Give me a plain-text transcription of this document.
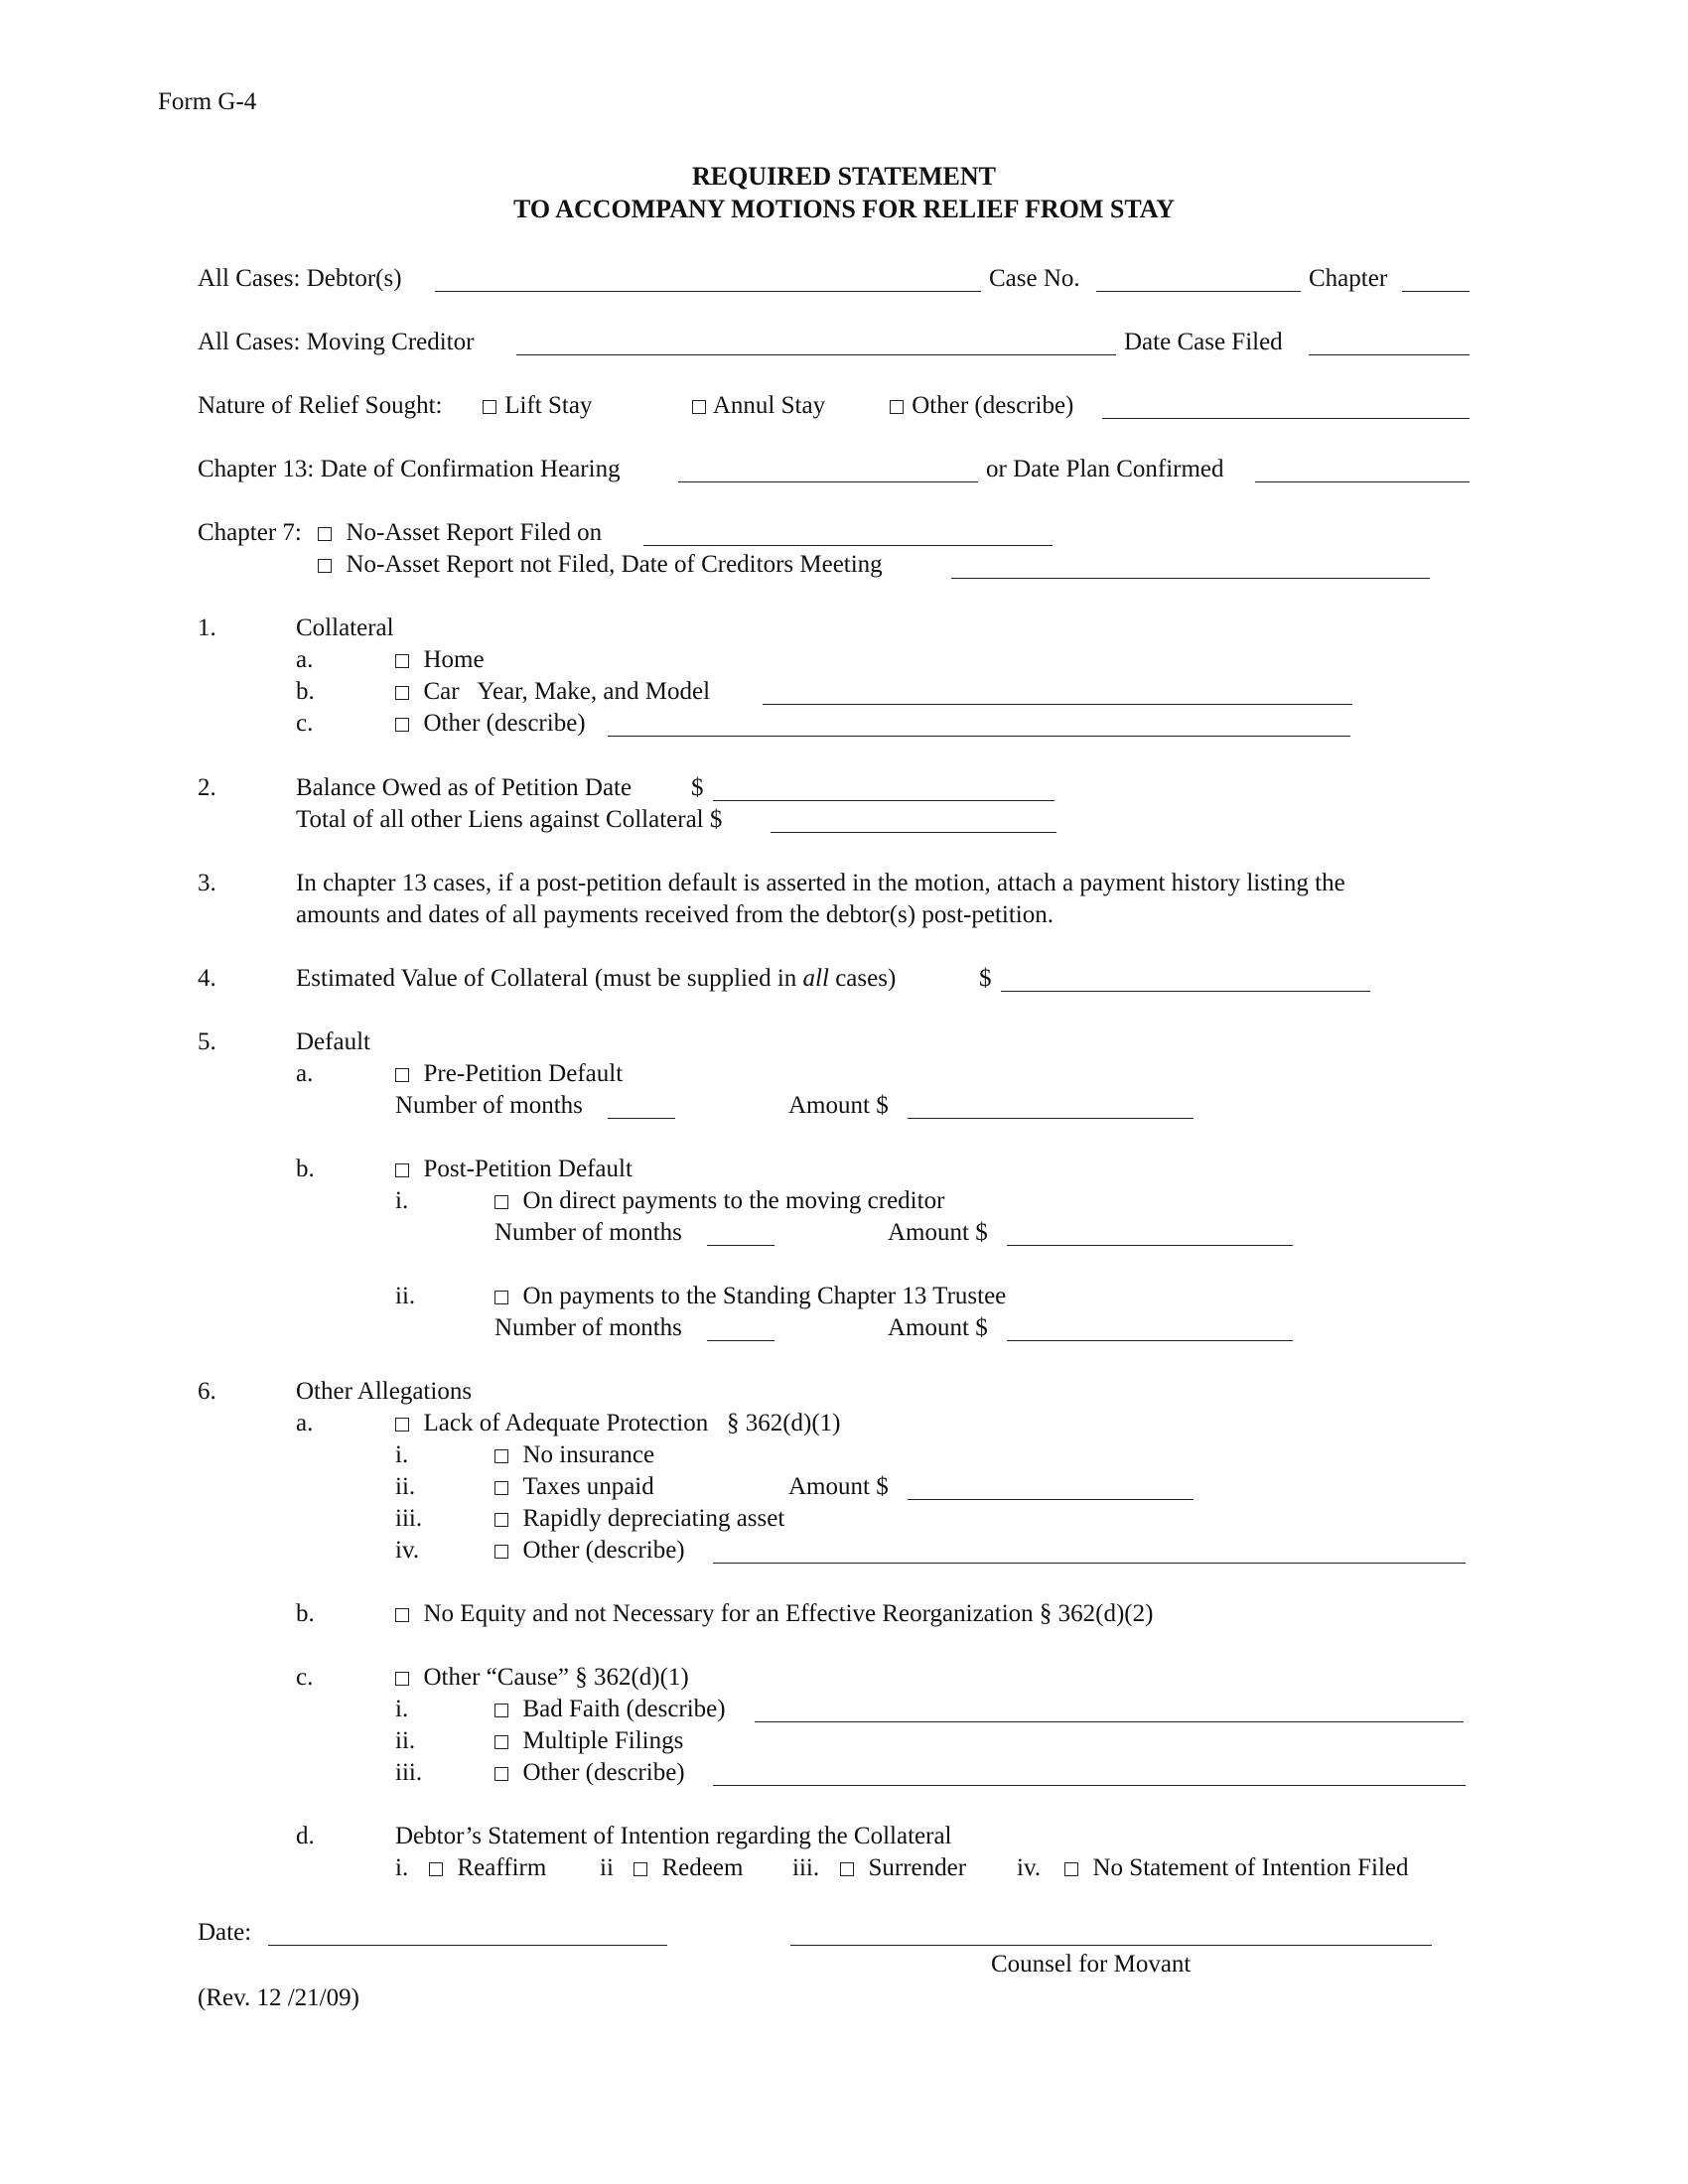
Form G-4
REQUIRED STATEMENT
TO ACCOMPANY MOTIONS FOR RELIEF FROM STAY
All Cases: Debtor(s)	Case No.	Chapter
All Cases: Moving Creditor	Date Case Filed
Nature of Relief Sought:	Lift Stay	Annul Stay	Other (describe)
Chapter 13: Date of Confirmation Hearing	or Date Plan Confirmed
Chapter 7:	No-Asset Report Filed on
No-Asset Report not Filed, Date of Creditors Meeting
1.	Collateral
a.	Home
b.	Car   Year, Make, and Model
c.	Other (describe)
2.	Balance Owed as of Petition Date $
Total of all other Liens against Collateral $
3.	In chapter 13 cases, if a post-petition default is asserted in the motion, attach a payment history listing the
amounts and dates of all payments received from the debtor(s) post-petition.
4.	Estimated Value of Collateral (must be supplied in all cases)	$
5.	Default
a.	Pre-Petition Default
Number of months	Amount $
b.	Post-Petition Default
i.	On direct payments to the moving creditor
Number of months	Amount $
ii.	On payments to the Standing Chapter 13 Trustee
Number of months	Amount $
6.	Other Allegations
a.	Lack of Adequate Protection   § 362(d)(1)
i.	No insurance
ii.	Taxes unpaid	Amount $
iii.	Rapidly depreciating asset
iv.	Other (describe)
b.	No Equity and not Necessary for an Effective Reorganization § 362(d)(2)
c.	Other “Cause” § 362(d)(1)
i.	Bad Faith (describe)
ii.	Multiple Filings
iii.	Other (describe)
d.	Debtor’s Statement of Intention regarding the Collateral
i.	Reaffirm ii	Redeem iii.	Surrender iv.	No Statement of Intention Filed
Date:
Counsel for Movant
(Rev. 12 /21/09)
